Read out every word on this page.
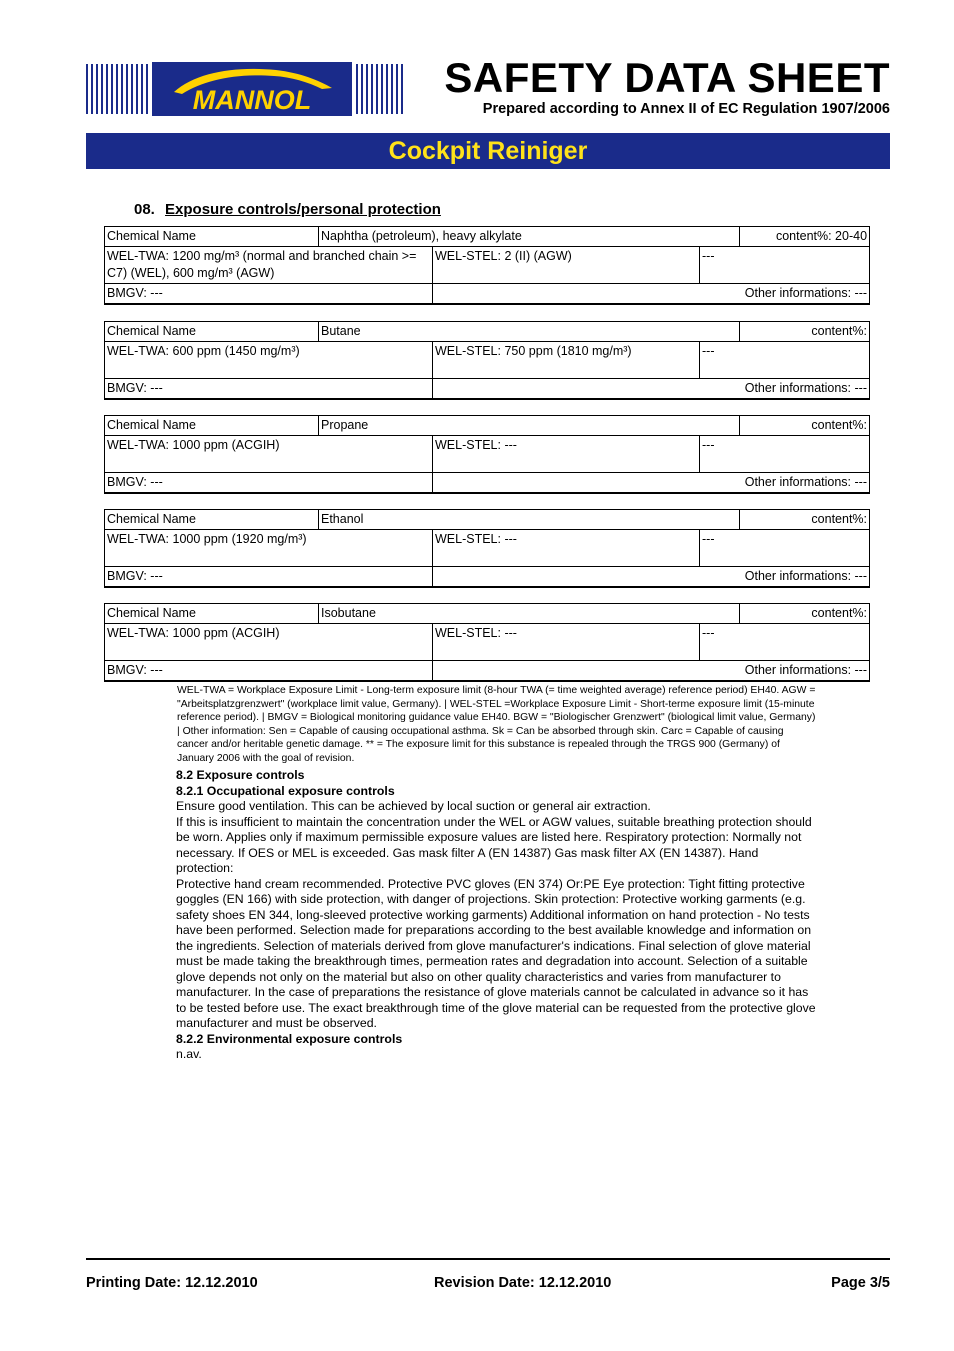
MANNOL	SAFETY DATA SHEET
Prepared according to Annex II of EC Regulation 1907/2006
Cockpit Reiniger
08. Exposure controls/personal protection
Chemical Name	Naphtha (petroleum), heavy alkylate			content%: 20-40
WEL-TWA: 1200 mg/m³ (normal and branched chain >= C7) (WEL), 600 mg/m³ (AGW)		WEL-STEL: 2 (II) (AGW)	---	
BMGV: ---		Other informations: ---		
Chemical Name	Butane			content%:
WEL-TWA: 600 ppm (1450 mg/m³)		WEL-STEL: 750 ppm (1810 mg/m³)	---	
BMGV: ---		Other informations: ---		
Chemical Name	Propane			content%:
WEL-TWA: 1000 ppm (ACGIH)		WEL-STEL: ---	---	
BMGV: ---		Other informations: ---		
Chemical Name	Ethanol			content%:
WEL-TWA: 1000 ppm (1920 mg/m³)		WEL-STEL: ---	---	
BMGV: ---		Other informations: ---		
Chemical Name	Isobutane			content%:
WEL-TWA: 1000 ppm (ACGIH)		WEL-STEL: ---	---	
BMGV: ---		Other informations: ---		
WEL-TWA = Workplace Exposure Limit - Long-term exposure limit (8-hour TWA (= time weighted average) reference period) EH40. AGW = "Arbeitsplatzgrenzwert" (workplace limit value, Germany). | WEL-STEL =Workplace Exposure Limit - Short-terme exposure limit (15-minute reference period). | BMGV = Biological monitoring guidance value EH40. BGW = "Biologischer Grenzwert" (biological limit value, Germany) | Other information: Sen = Capable of causing occupational asthma. Sk = Can be absorbed through skin. Carc = Capable of causing cancer and/or heritable genetic damage. ** = The exposure limit for this substance is repealed through the TRGS 900 (Germany) of January 2006 with the goal of revision.

8.2 Exposure controls

8.2.1 Occupational exposure controls

Ensure good ventilation. This can be achieved by local suction or general air extraction.

If this is insufficient to maintain the concentration under the WEL or AGW values, suitable breathing protection should be worn. Applies only if maximum permissible exposure values are listed here. Respiratory protection: Normally not necessary. If OES or MEL is exceeded. Gas mask filter A (EN 14387) Gas mask filter AX (EN 14387). Hand protection:

Protective hand cream recommended. Protective PVC gloves (EN 374) Or:PE Eye protection: Tight fitting protective goggles (EN 166) with side protection, with danger of projections. Skin protection: Protective working garments (e.g. safety shoes EN 344, long-sleeved protective working garments) Additional information on hand protection - No tests have been performed. Selection made for preparations according to the best available knowledge and information on the ingredients. Selection of materials derived from glove manufacturer's indications. Final selection of glove material must be made taking the breakthrough times, permeation rates and degradation into account. Selection of a suitable glove depends not only on the material but also on other quality characteristics and varies from manufacturer to manufacturer. In the case of preparations the resistance of glove materials cannot be calculated in advance so it has to be tested before use. The exact breakthrough time of the glove material can be requested from the protective glove manufacturer and must be observed.

8.2.2 Environmental exposure controls

n.av.

Printing Date: 12.12.2010	Revision Date: 12.12.2010	Page 3/5
